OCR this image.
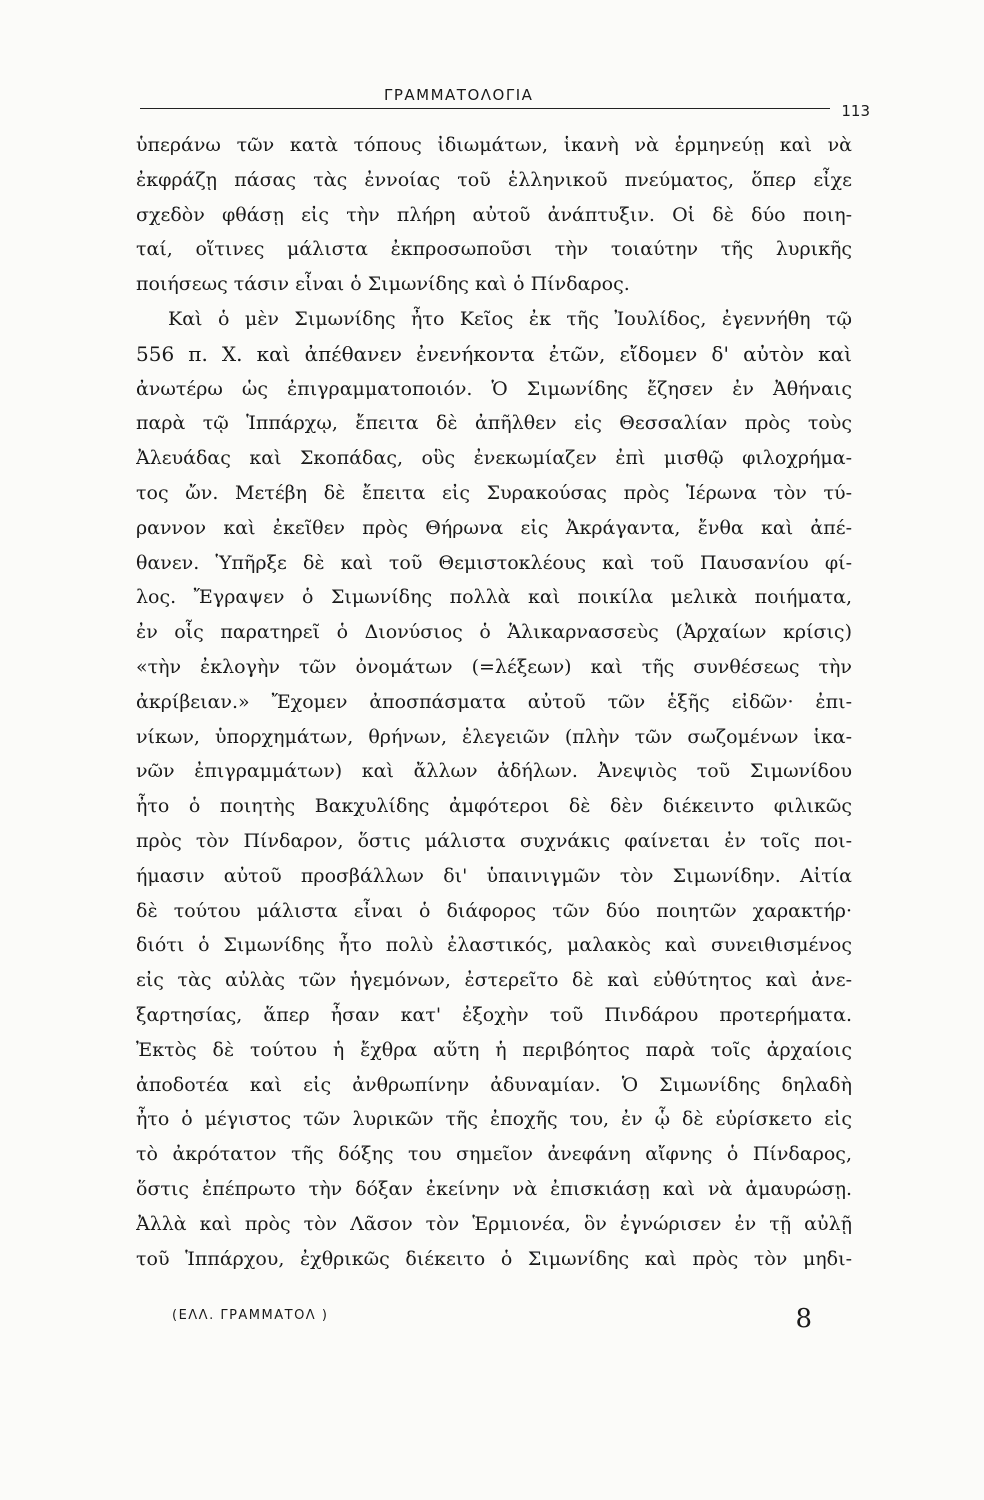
ΓΡΑΜΜΑΤΟΛΟΓΙΑ
113
ὑπεράνω τῶν κατὰ τόπους ἰδιωμάτων, ἱκανὴ νὰ ἑρμηνεύῃ καὶ νὰ
ἐκφράζῃ πάσας τὰς ἐννοίας τοῦ ἑλληνικοῦ πνεύματος, ὅπερ εἶχε
σχεδὸν φθάσῃ εἰς τὴν πλήρη αὐτοῦ ἀνάπτυξιν. Οἱ δὲ δύο ποιη-
ταί, οἵτινες μάλιστα ἐκπροσωποῦσι τὴν τοιαύτην τῆς λυρικῆς
ποιήσεως τάσιν εἶναι ὁ Σιμωνίδης καὶ ὁ Πίνδαρος.
Καὶ ὁ μὲν Σιμωνίδης ἦτο Κεῖος ἐκ τῆς Ἰουλίδος, ἐγεννήθη τῷ
556 π. Χ. καὶ ἀπέθανεν ἐνενήκοντα ἐτῶν, εἴδομεν δ' αὐτὸν καὶ
ἀνωτέρω ὡς ἐπιγραμματοποιόν. Ὁ Σιμωνίδης ἔζησεν ἐν Ἀθήναις
παρὰ τῷ Ἱππάρχῳ, ἔπειτα δὲ ἀπῆλθεν εἰς Θεσσαλίαν πρὸς τοὺς
Ἀλευάδας καὶ Σκοπάδας, οὓς ἐνεκωμίαζεν ἐπὶ μισθῷ φιλοχρήμα-
τος ὤν. Μετέβη δὲ ἔπειτα εἰς Συρακούσας πρὸς Ἱέρωνα τὸν τύ-
ραννον καὶ ἐκεῖθεν πρὸς Θήρωνα εἰς Ἀκράγαντα, ἔνθα καὶ ἀπέ-
θανεν. Ὑπῆρξε δὲ καὶ τοῦ Θεμιστοκλέους καὶ τοῦ Παυσανίου φί-
λος. Ἔγραψεν ὁ Σιμωνίδης πολλὰ καὶ ποικίλα μελικὰ ποιήματα,
ἐν οἷς παρατηρεῖ ὁ Διονύσιος ὁ Ἁλικαρνασσεὺς (Ἀρχαίων κρίσις)
«τὴν ἐκλογὴν τῶν ὀνομάτων (=λέξεων) καὶ τῆς συνθέσεως τὴν
ἀκρίβειαν.» Ἔχομεν ἀποσπάσματα αὐτοῦ τῶν ἑξῆς εἰδῶν· ἐπι-
νίκων, ὑπορχημάτων, θρήνων, ἐλεγειῶν (πλὴν τῶν σωζομένων ἱκα-
νῶν ἐπιγραμμάτων) καὶ ἄλλων ἀδήλων. Ἀνεψιὸς τοῦ Σιμωνίδου
ἦτο ὁ ποιητὴς Βακχυλίδης ἀμφότεροι δὲ δὲν διέκειντο φιλικῶς
πρὸς τὸν Πίνδαρον, ὅστις μάλιστα συχνάκις φαίνεται ἐν τοῖς ποι-
ήμασιν αὐτοῦ προσβάλλων δι' ὑπαινιγμῶν τὸν Σιμωνίδην. Αἰτία
δὲ τούτου μάλιστα εἶναι ὁ διάφορος τῶν δύο ποιητῶν χαρακτήρ·
διότι ὁ Σιμωνίδης ἦτο πολὺ ἐλαστικός, μαλακὸς καὶ συνειθισμένος
εἰς τὰς αὐλὰς τῶν ἡγεμόνων, ἐστερεῖτο δὲ καὶ εὐθύτητος καὶ ἀνε-
ξαρτησίας, ἅπερ ἦσαν κατ' ἐξοχὴν τοῦ Πινδάρου προτερήματα.
Ἐκτὸς δὲ τούτου ἡ ἔχθρα αὕτη ἡ περιβόητος παρὰ τοῖς ἀρχαίοις
ἀποδοτέα καὶ εἰς ἀνθρωπίνην ἀδυναμίαν. Ὁ Σιμωνίδης δηλαδὴ
ἦτο ὁ μέγιστος τῶν λυρικῶν τῆς ἐποχῆς του, ἐν ᾧ δὲ εὑρίσκετο εἰς
τὸ ἀκρότατον τῆς δόξης του σημεῖον ἀνεφάνη αἴφνης ὁ Πίνδαρος,
ὅστις ἐπέπρωτο τὴν δόξαν ἐκείνην νὰ ἐπισκιάσῃ καὶ νὰ ἀμαυρώσῃ.
Ἀλλὰ καὶ πρὸς τὸν Λᾶσον τὸν Ἑρμιονέα, ὃν ἐγνώρισεν ἐν τῇ αὐλῇ
τοῦ Ἱππάρχου, ἐχθρικῶς διέκειτο ὁ Σιμωνίδης καὶ πρὸς τὸν μηδι-
(ΕΛΛ. ΓΡΑΜΜΑΤΟΛ )	8
